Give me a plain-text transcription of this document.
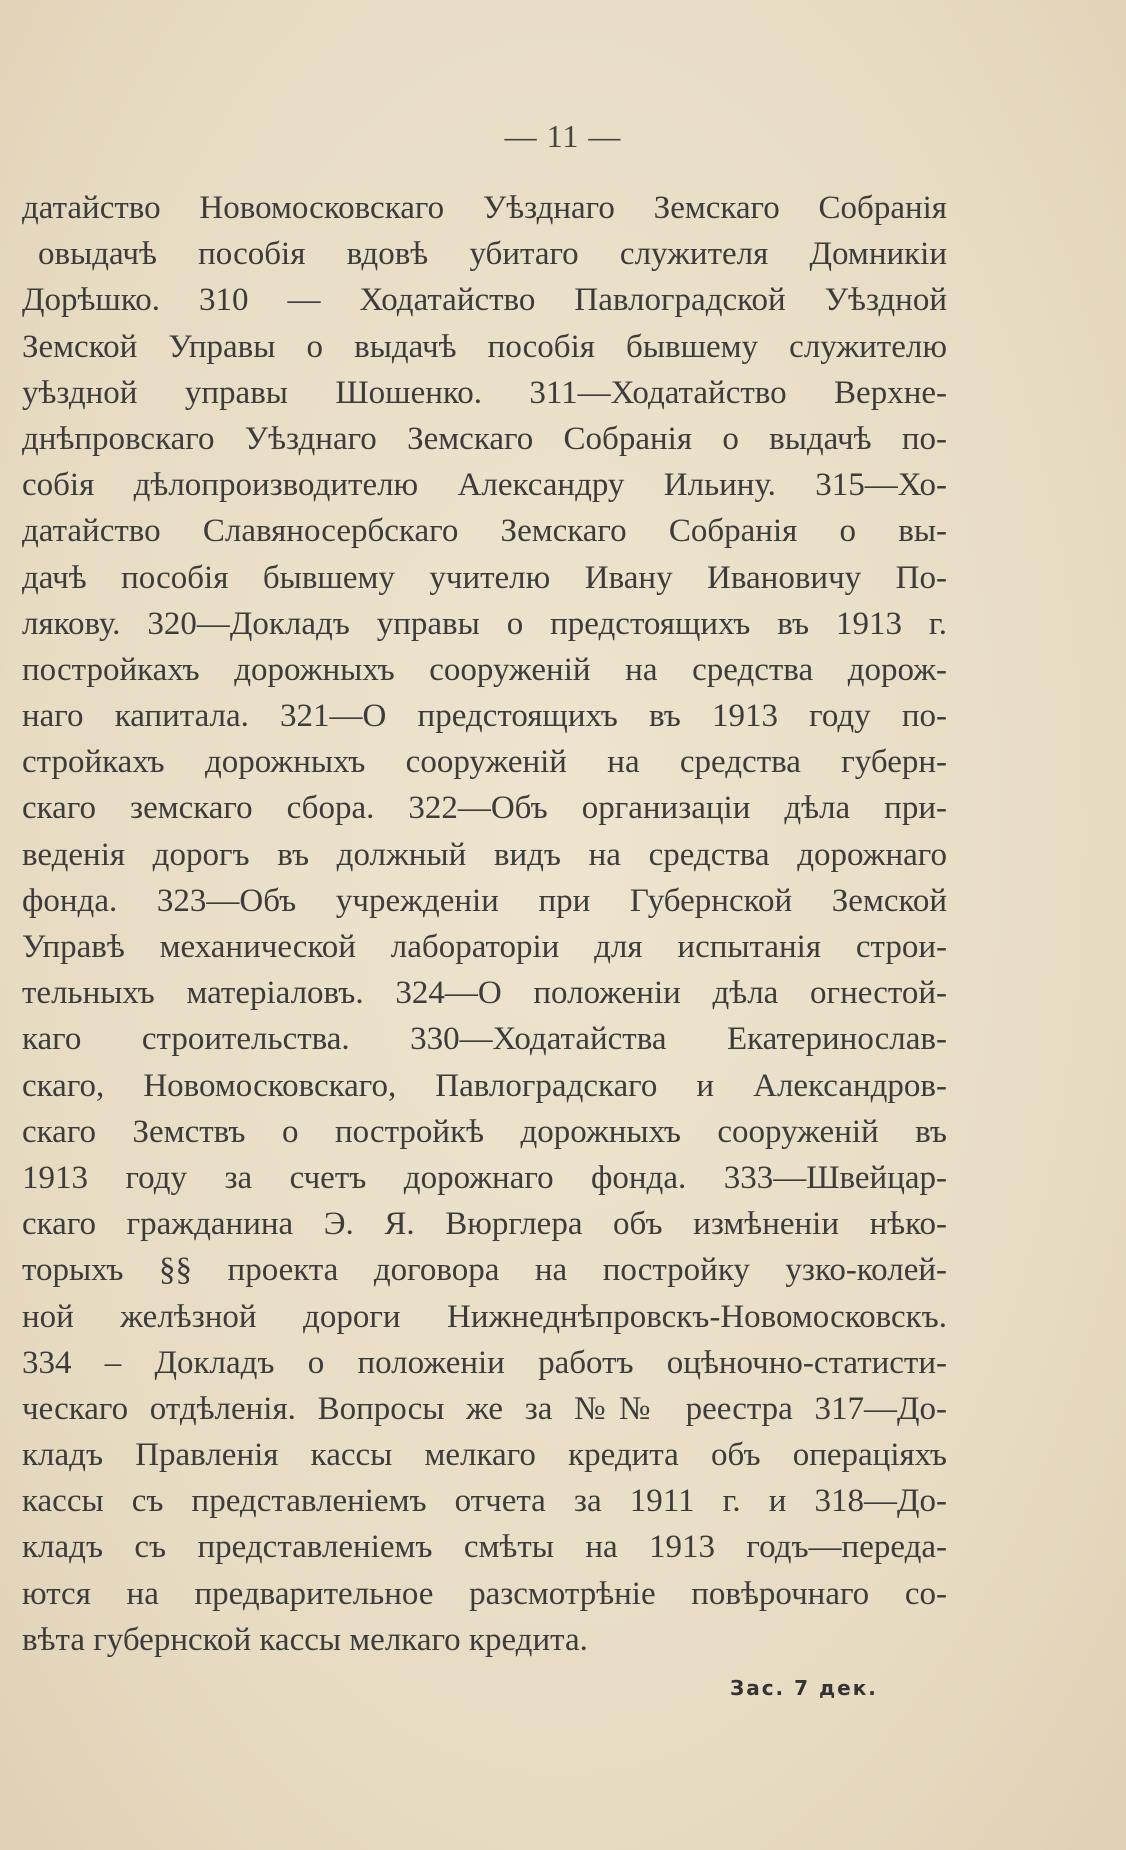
— 11 —
датайство Новомосковскаго Уѣзднаго Земскаго Собранія
овыдачѣ пособія вдовѣ убитаго служителя Домникіи
Дорѣшко. 310 — Ходатайство Павлоградской Уѣздной
Земской Управы о выдачѣ пособія бывшему служителю
уѣздной управы Шошенко. 311—Ходатайство Верхне-
днѣпровскаго Уѣзднаго Земскаго Собранія о выдачѣ по-
собія дѣлопроизводителю Александру Ильину. 315—Хо-
датайство Славяносербскаго Земскаго Собранія о вы-
дачѣ пособія бывшему учителю Ивану Ивановичу По-
лякову. 320—Докладъ управы о предстоящихъ въ 1913 г.
постройкахъ дорожныхъ сооруженій на средства дорож-
наго капитала. 321—О предстоящихъ въ 1913 году по-
стройкахъ дорожныхъ сооруженій на средства губерн-
скаго земскаго сбора. 322—Объ организаціи дѣла при-
веденія дорогъ въ должный видъ на средства дорожнаго
фонда. 323—Объ учрежденіи при Губернской Земской
Управѣ механической лабораторіи для испытанія строи-
тельныхъ матеріаловъ. 324—О положеніи дѣла огнестой-
каго строительства. 330—Ходатайства Екатеринослав-
скаго, Новомосковскаго, Павлоградскаго и Александров-
скаго Земствъ о постройкѣ дорожныхъ сооруженій въ
1913 году за счетъ дорожнаго фонда. 333—Швейцар-
скаго гражданина Э. Я. Вюрглера объ измѣненіи нѣко-
торыхъ §§ проекта договора на постройку узко-колей-
ной желѣзной дороги Нижнеднѣпровскъ-Новомосковскъ.
334 – Докладъ о положеніи работъ оцѣночно-статисти-
ческаго отдѣленія. Вопросы же за №№ реестра 317—До-
кладъ Правленія кассы мелкаго кредита объ операціяхъ
кассы съ представленіемъ отчета за 1911 г. и 318—До-
кладъ съ представленіемъ смѣты на 1913 годъ—переда-
ются на предварительное разсмотрѣніе повѣрочнаго со-
вѣта губернской кассы мелкаго кредита.
Зас. 7 дек.
